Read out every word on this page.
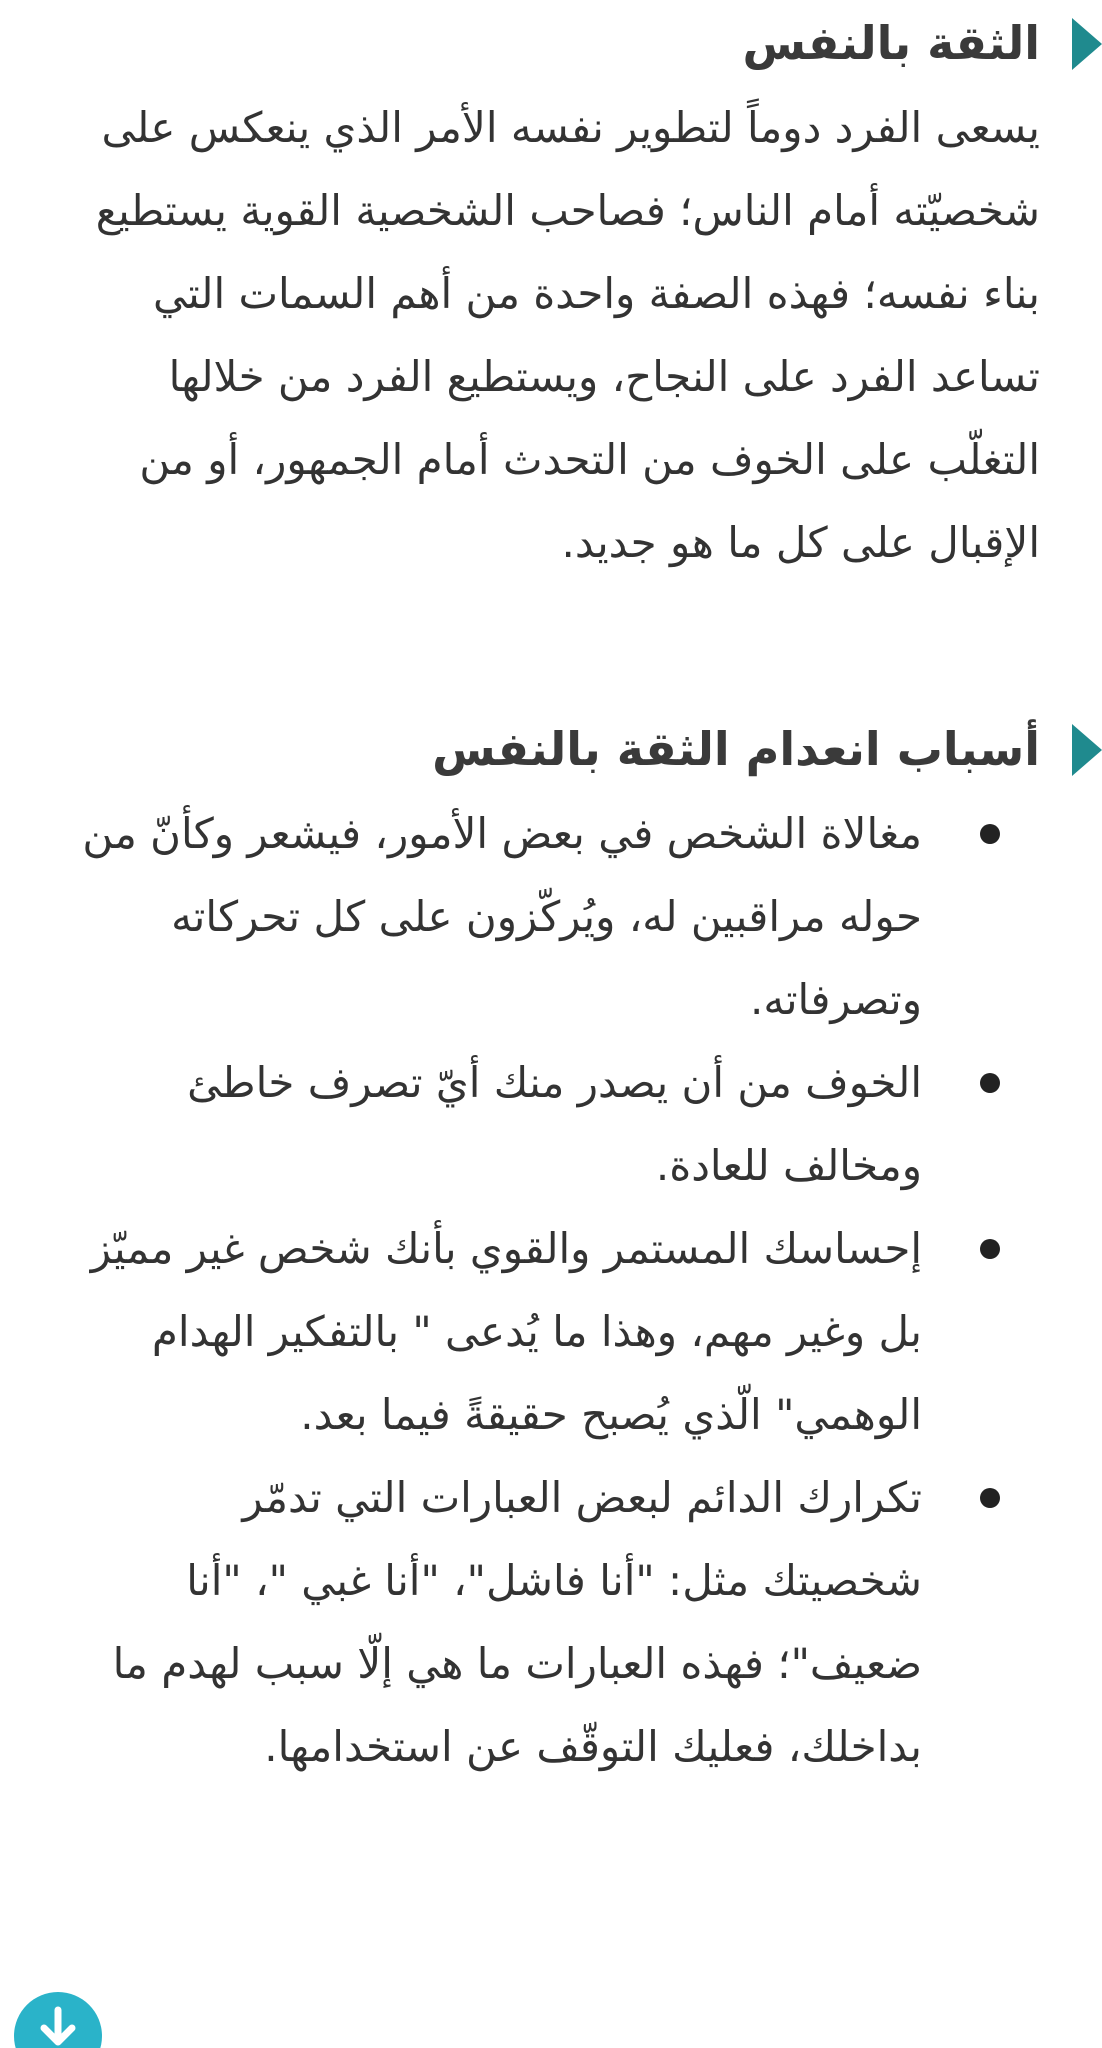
الثقة بالنفس

يسعى الفرد دوماً لتطوير نفسه الأمر الذي ينعكس على شخصيّته أمام الناس؛ فصاحب الشخصية القوية يستطيع بناء نفسه؛ فهذه الصفة واحدة من أهم السمات التي تساعد الفرد على النجاح، ويستطيع الفرد من خلالها التغلّب على الخوف من التحدث أمام الجمهور، أو من الإقبال على كل ما هو جديد.

أسباب انعدام الثقة بالنفس
مغالاة الشخص في بعض الأمور، فيشعر وكأنّ من حوله مراقبين له، ويُركّزون على كل تحركاته وتصرفاته.
الخوف من أن يصدر منك أيّ تصرف خاطئ ومخالف للعادة.
إحساسك المستمر والقوي بأنك شخص غير مميّز بل وغير مهم، وهذا ما يُدعى " بالتفكير الهدام الوهمي" الّذي يُصبح حقيقةً فيما بعد.
تكرارك الدائم لبعض العبارات التي تدمّر شخصيتك مثل: "أنا فاشل"، "أنا غبي "، "أنا ضعيف"؛ فهذه العبارات ما هي إلّا سبب لهدم ما بداخلك، فعليك التوقّف عن استخدامها.
